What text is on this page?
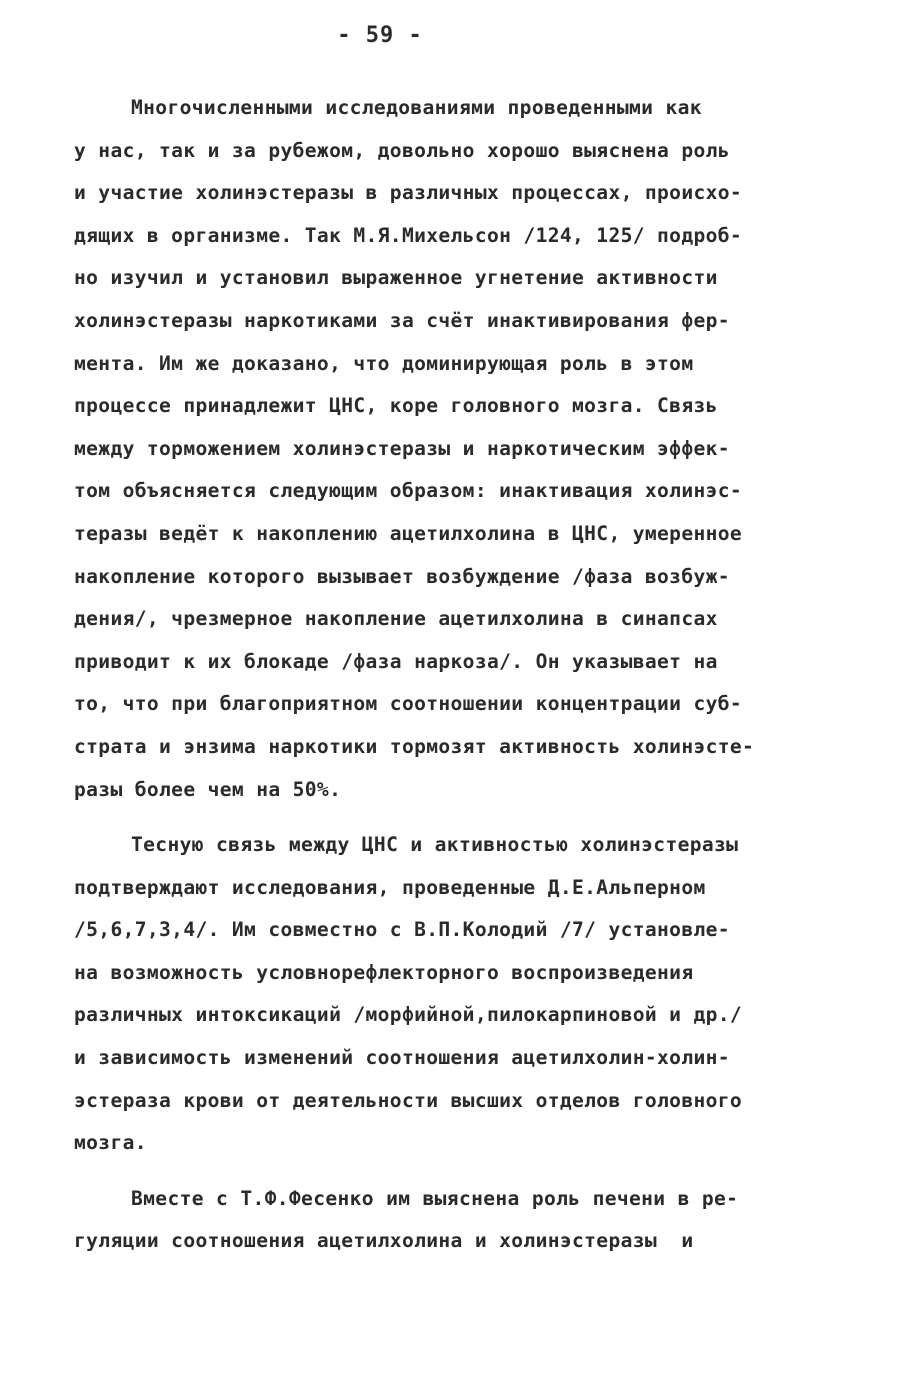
- 59 -
Многочисленными исследованиями проведенными как
у нас, так и за рубежом, довольно хорошо выяснена роль
и участие холинэстеразы в различных процессах, происхо-
дящих в организме. Так М.Я.Михельсон /124, 125/ подроб-
но изучил и установил выраженное угнетение активности
холинэстеразы наркотиками за счёт инактивирования фер-
мента. Им же доказано, что доминирующая роль в этом
процессе принадлежит ЦНС, коре головного мозга. Связь
между торможением холинэстеразы и наркотическим эффек-
том объясняется следующим образом: инактивация холинэс-
теразы ведёт к накоплению ацетилхолина в ЦНС, умеренное
накопление которого вызывает возбуждение /фаза возбуж-
дения/, чрезмерное накопление ацетилхолина в синапсах
приводит к их блокаде /фаза наркоза/. Он указывает на
то, что при благоприятном соотношении концентрации суб-
страта и энзима наркотики тормозят активность холинэсте-
разы более чем на 50%.
Тесную связь между ЦНС и активностью холинэстеразы
подтверждают исследования, проведенные Д.Е.Альперном
/5,6,7,3,4/. Им совместно с В.П.Колодий /7/ установле-
на возможность условнорефлекторного воспроизведения
различных интоксикаций /морфийной,пилокарпиновой и др./
и зависимость изменений соотношения ацетилхолин-холин-
эстераза крови от деятельности высших отделов головного
мозга.
Вместе с Т.Ф.Фесенко им выяснена роль печени в ре-
гуляции соотношения ацетилхолина и холинэстеразы  и
